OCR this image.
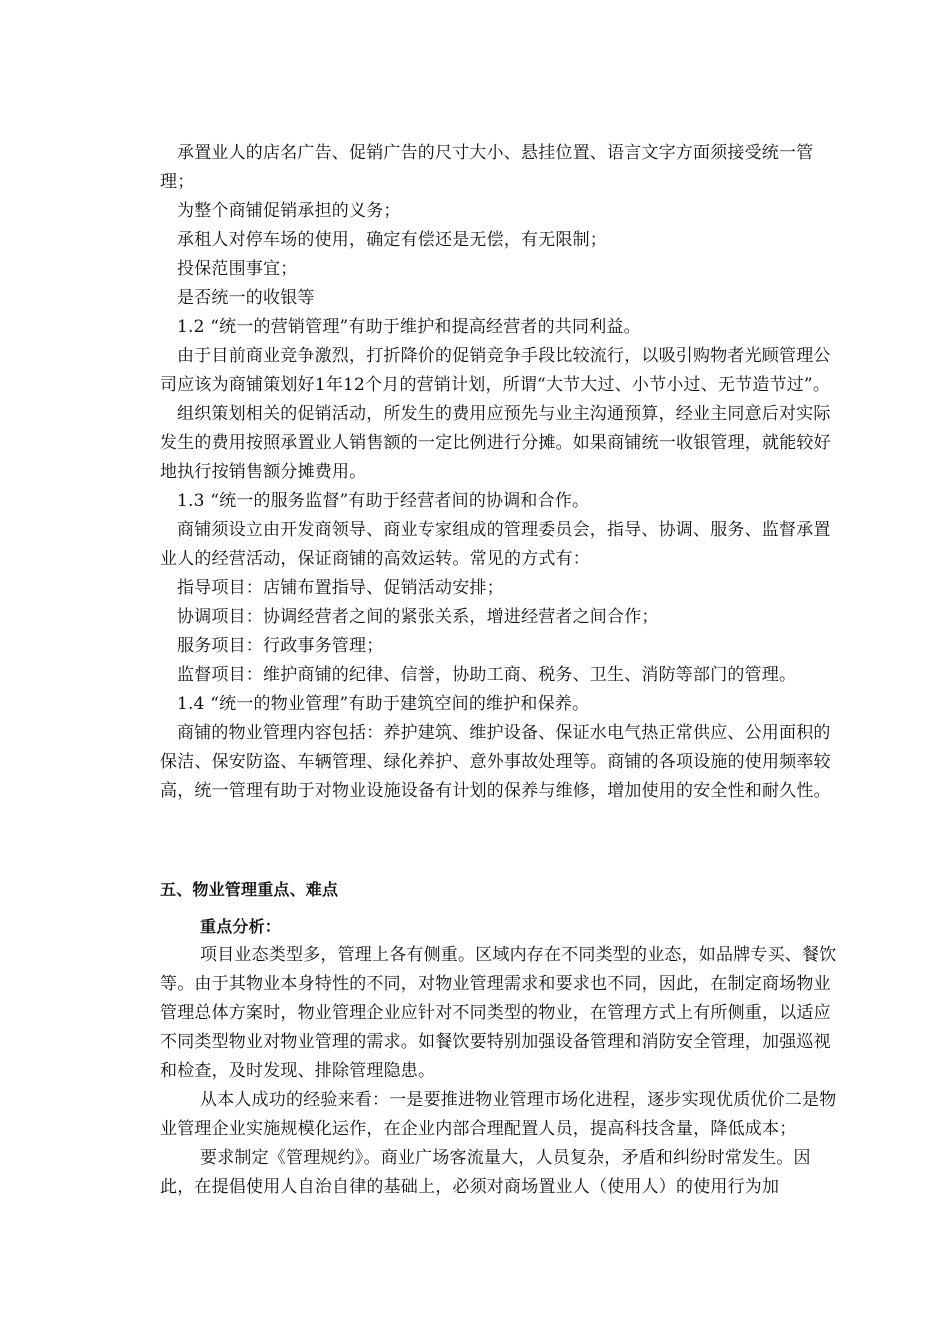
承置业人的店名广告、促销广告的尺寸大小、悬挂位置、语言文字方面须接受统一管理；

为整个商铺促销承担的义务；

承租人对停车场的使用，确定有偿还是无偿，有无限制；

投保范围事宜；

是否统一的收银等

1.2 “统一的营销管理”有助于维护和提高经营者的共同利益。

由于目前商业竞争激烈，打折降价的促销竞争手段比较流行，以吸引购物者光顾管理公司应该为商铺策划好1年12个月的营销计划，所谓“大节大过、小节小过、无节造节过”。

组织策划相关的促销活动，所发生的费用应预先与业主沟通预算，经业主同意后对实际发生的费用按照承置业人销售额的一定比例进行分摊。如果商铺统一收银管理，就能较好地执行按销售额分摊费用。

1.3 “统一的服务监督”有助于经营者间的协调和合作。

商铺须设立由开发商领导、商业专家组成的管理委员会，指导、协调、服务、监督承置业人的经营活动，保证商铺的高效运转。常见的方式有：

指导项目：店铺布置指导、促销活动安排；

协调项目：协调经营者之间的紧张关系，增进经营者之间合作；

服务项目：行政事务管理；

监督项目：维护商铺的纪律、信誉，协助工商、税务、卫生、消防等部门的管理。

1.4 “统一的物业管理”有助于建筑空间的维护和保养。

商铺的物业管理内容包括：养护建筑、维护设备、保证水电气热正常供应、公用面积的保洁、保安防盗、车辆管理、绿化养护、意外事故处理等。商铺的各项设施的使用频率较高，统一管理有助于对物业设施设备有计划的保养与维修，增加使用的安全性和耐久性。

五、物业管理重点、难点

重点分析：

项目业态类型多，管理上各有侧重。区域内存在不同类型的业态，如品牌专买、餐饮等。由于其物业本身特性的不同，对物业管理需求和要求也不同，因此，在制定商场物业管理总体方案时，物业管理企业应针对不同类型的物业，在管理方式上有所侧重，以适应不同类型物业对物业管理的需求。如餐饮要特别加强设备管理和消防安全管理，加强巡视和检查，及时发现、排除管理隐患。

从本人成功的经验来看：一是要推进物业管理市场化进程，逐步实现优质优价二是物业管理企业实施规模化运作，在企业内部合理配置人员，提高科技含量，降低成本；

要求制定《管理规约》。商业广场客流量大，人员复杂，矛盾和纠纷时常发生。因此，在提倡使用人自治自律的基础上，必须对商场置业人（使用人）的使用行为加
